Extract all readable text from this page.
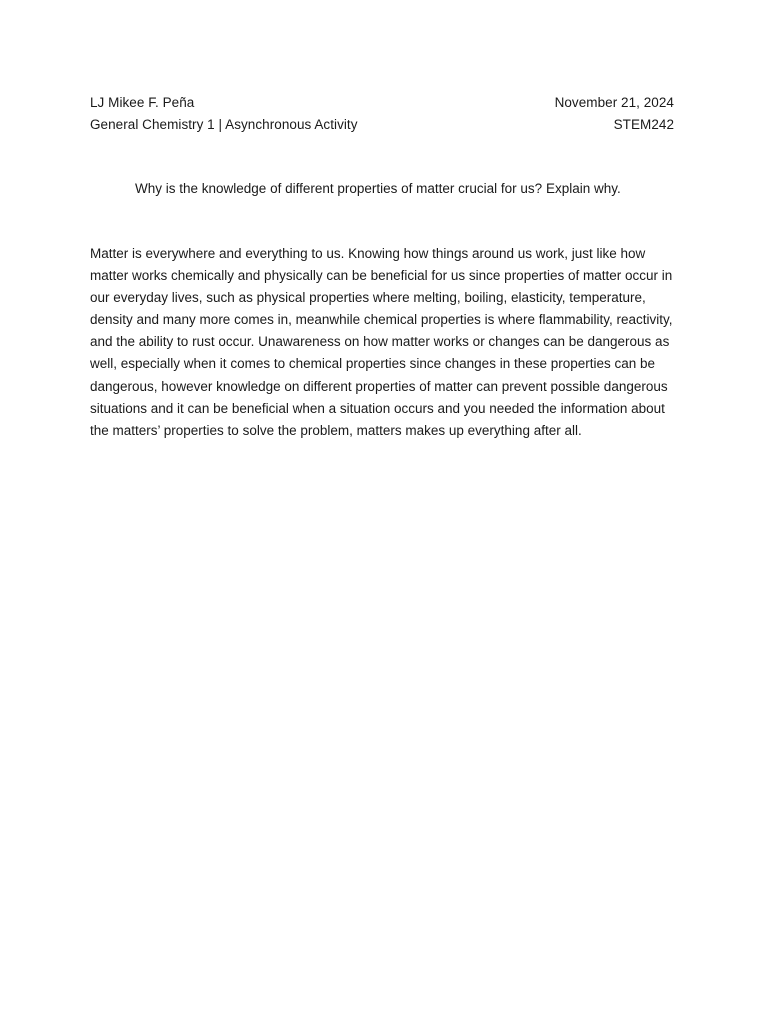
LJ Mikee F. Peña	November 21, 2024
General Chemistry 1 | Asynchronous Activity	STEM242
Why is the knowledge of different properties of matter crucial for us? Explain why.

Matter is everywhere and everything to us. Knowing how things around us work, just like how matter works chemically and physically can be beneficial for us since properties of matter occur in our everyday lives, such as physical properties where melting, boiling, elasticity, temperature, density and many more comes in, meanwhile chemical properties is where flammability, reactivity, and the ability to rust occur. Unawareness on how matter works or changes can be dangerous as well, especially when it comes to chemical properties since changes in these properties can be dangerous, however knowledge on different properties of matter can prevent possible dangerous situations and it can be beneficial when a situation occurs and you needed the information about the matters’ properties to solve the problem, matters makes up everything after all.
